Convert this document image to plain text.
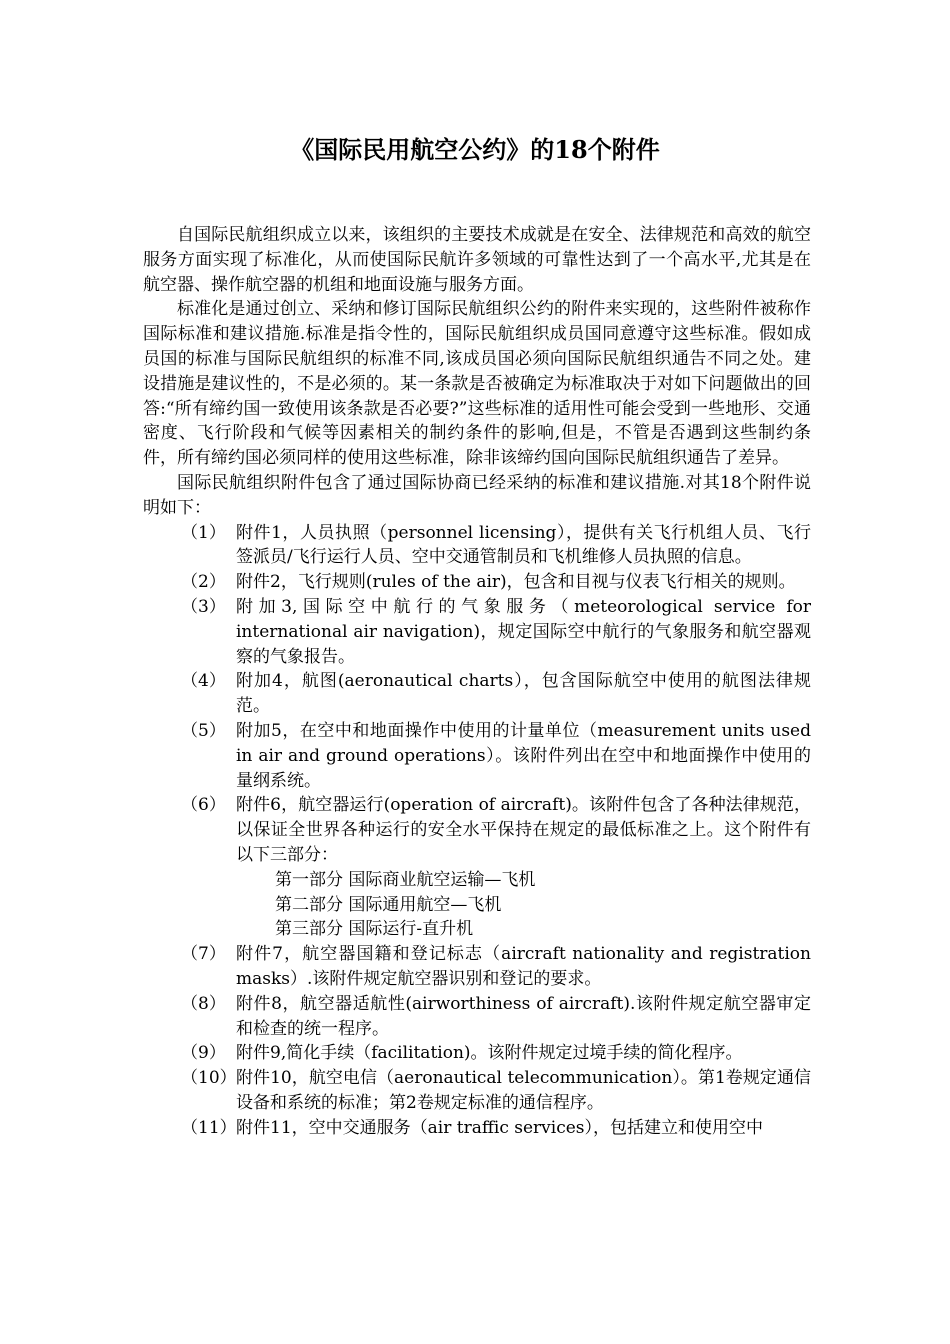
《国际民用航空公约》的18个附件

自国际民航组织成立以来，该组织的主要技术成就是在安全、法律规范和高效的航空服务方面实现了标准化，从而使国际民航许多领域的可靠性达到了一个高水平,尤其是在航空器、操作航空器的机组和地面设施与服务方面。

标准化是通过创立、采纳和修订国际民航组织公约的附件来实现的，这些附件被称作国际标准和建议措施.标准是指令性的，国际民航组织成员国同意遵守这些标准。假如成员国的标准与国际民航组织的标准不同,该成员国必须向国际民航组织通告不同之处。建设措施是建议性的，不是必须的。某一条款是否被确定为标准取决于对如下问题做出的回答:“所有缔约国一致使用该条款是否必要?”这些标准的适用性可能会受到一些地形、交通密度、飞行阶段和气候等因素相关的制约条件的影响,但是，不管是否遇到这些制约条件，所有缔约国必须同样的使用这些标准，除非该缔约国向国际民航组织通告了差异。

国际民航组织附件包含了通过国际协商已经采纳的标准和建议措施.对其18个附件说明如下：

（1） 附件1，人员执照（personnel licensing），提供有关飞行机组人员、飞行签派员/飞行运行人员、空中交通管制员和飞机维修人员执照的信息。
（2） 附件2，飞行规则(rules of the air)，包含和目视与仪表飞行相关的规则。
（3） 附加3,国际空中航行的气象服务（meteorological service for international air navigation)，规定国际空中航行的气象服务和航空器观察的气象报告。
（4） 附加4，航图(aeronautical charts），包含国际航空中使用的航图法律规范。
（5） 附加5，在空中和地面操作中使用的计量单位（measurement units used in air and ground operations）。该附件列出在空中和地面操作中使用的量纲系统。
（6） 附件6，航空器运行(operation of aircraft)。该附件包含了各种法律规范，以保证全世界各种运行的安全水平保持在规定的最低标准之上。这个附件有以下三部分：

第一部分 国际商业航空运输—飞机

第二部分 国际通用航空—飞机

第三部分 国际运行-直升机

（7） 附件7，航空器国籍和登记标志（aircraft nationality and registration masks）.该附件规定航空器识别和登记的要求。
（8） 附件8，航空器适航性(airworthiness of aircraft).该附件规定航空器审定和检查的统一程序。
（9） 附件9,简化手续（facilitation)。该附件规定过境手续的简化程序。
（10） 附件10，航空电信（aeronautical telecommunication）。第1卷规定通信设备和系统的标准；第2卷规定标准的通信程序。
（11） 附件11，空中交通服务（air traffic services），包括建立和使用空中
